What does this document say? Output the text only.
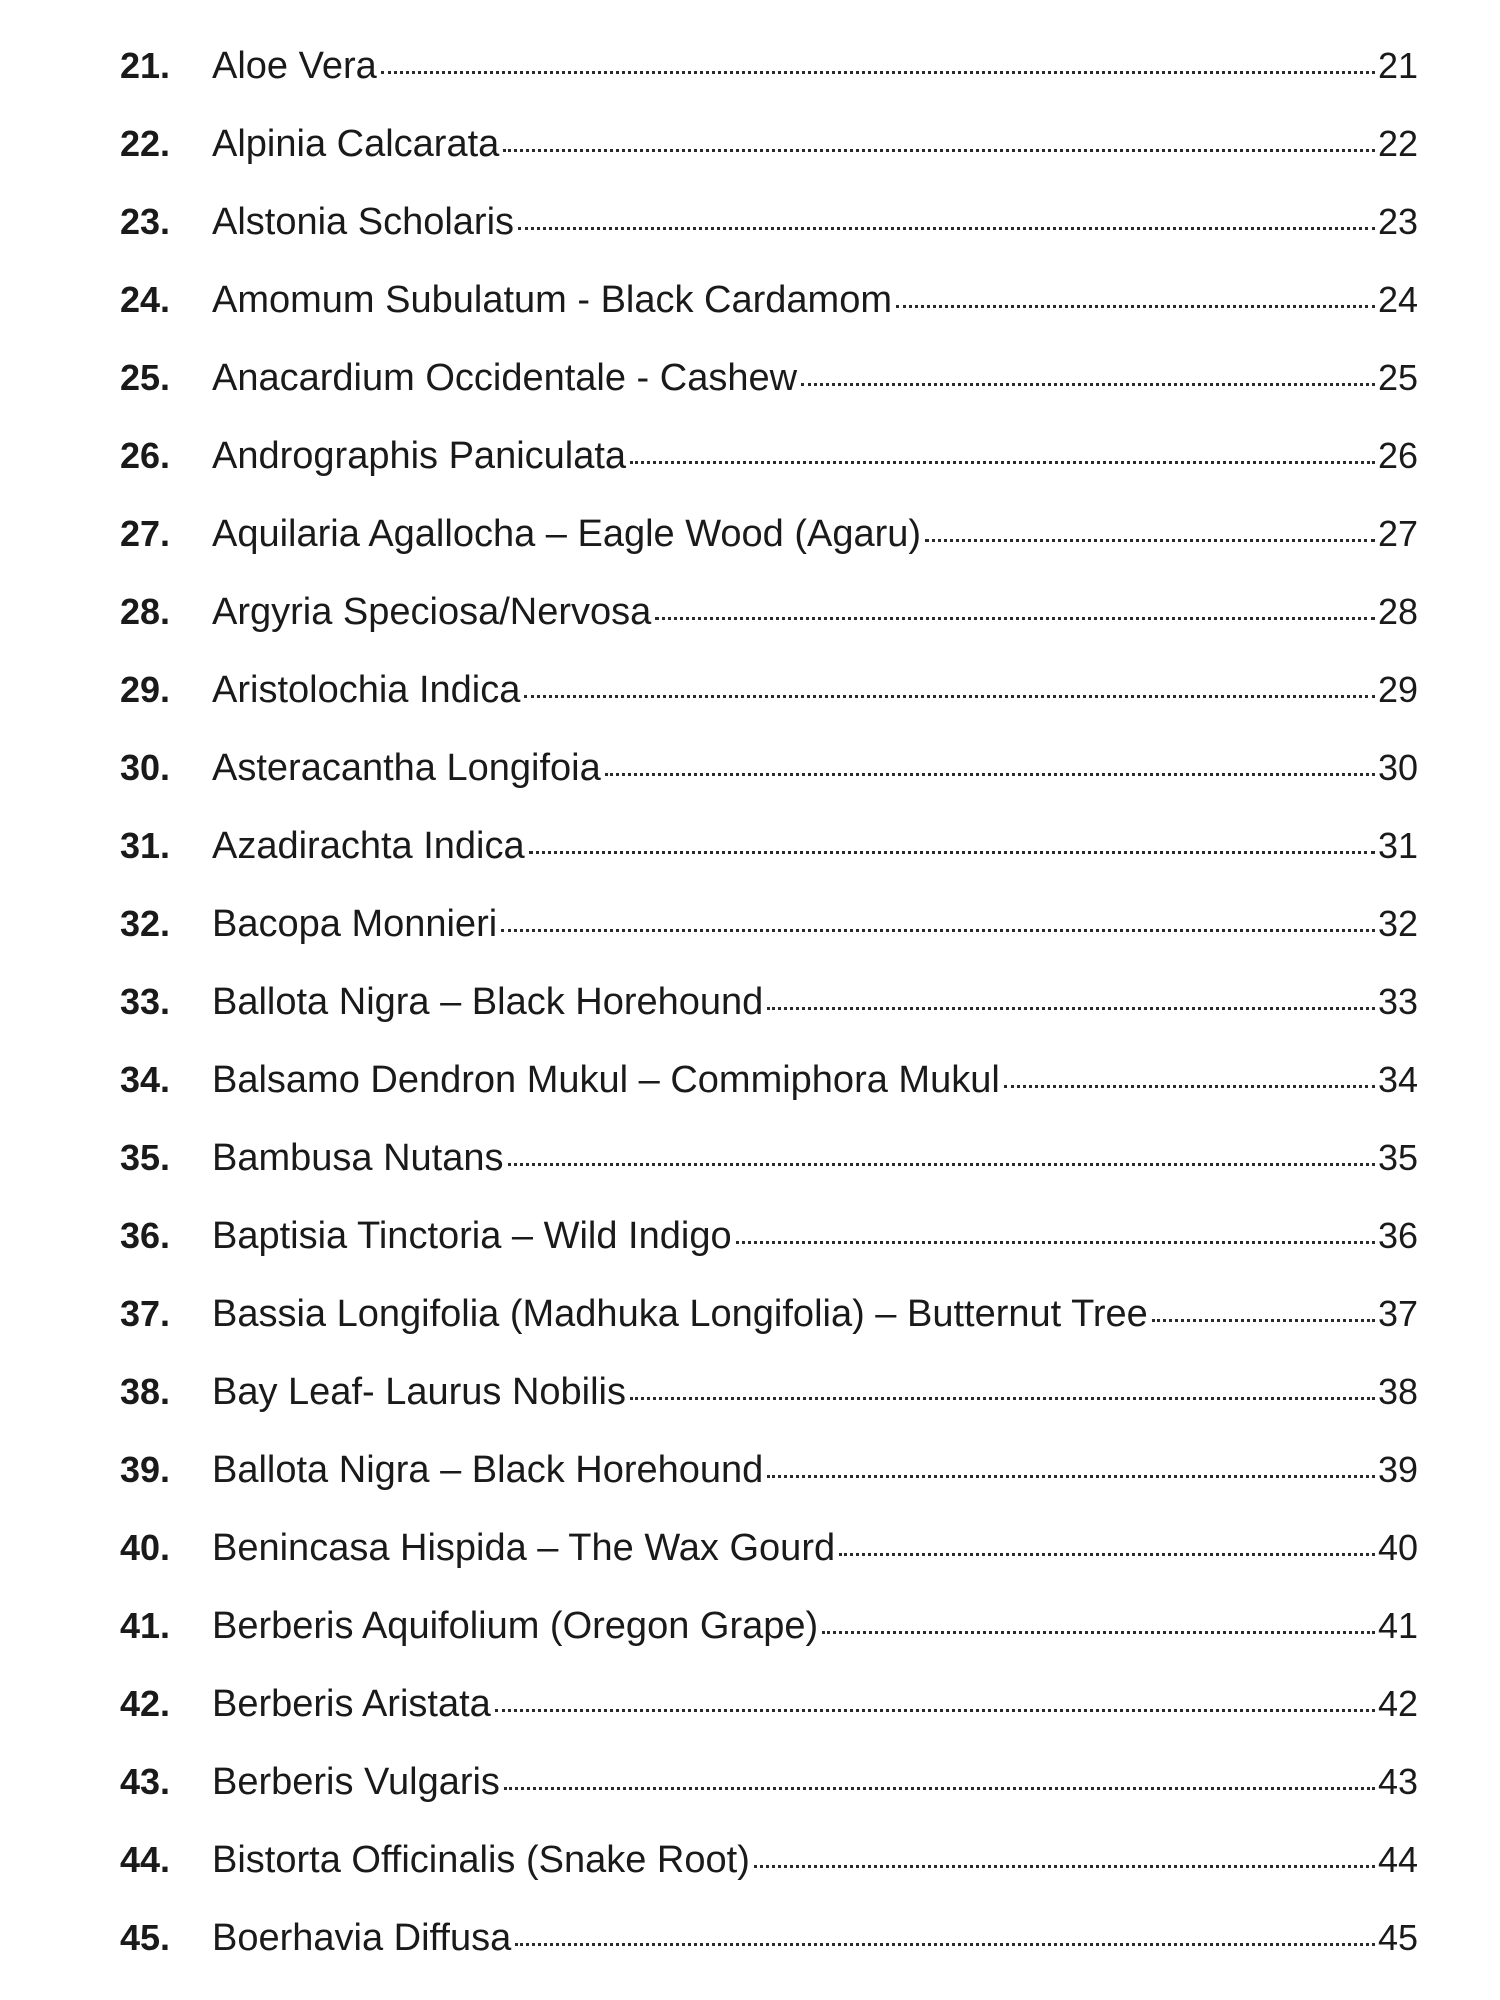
21. Aloe Vera	21
22. Alpinia Calcarata	22
23. Alstonia Scholaris	23
24. Amomum Subulatum - Black Cardamom	24
25. Anacardium Occidentale - Cashew	25
26. Andrographis Paniculata	26
27. Aquilaria Agallocha – Eagle Wood (Agaru)	27
28. Argyria Speciosa/Nervosa	28
29. Aristolochia Indica	29
30. Asteracantha Longifoia	30
31. Azadirachta Indica	31
32. Bacopa Monnieri	32
33. Ballota Nigra – Black Horehound	33
34. Balsamo Dendron Mukul – Commiphora Mukul	34
35. Bambusa Nutans	35
36. Baptisia Tinctoria – Wild Indigo	36
37. Bassia Longifolia (Madhuka Longifolia) – Butternut Tree	37
38. Bay Leaf- Laurus Nobilis	38
39. Ballota Nigra – Black Horehound	39
40. Benincasa Hispida – The Wax Gourd	40
41. Berberis Aquifolium (Oregon Grape)	41
42. Berberis Aristata	42
43. Berberis Vulgaris	43
44. Bistorta Officinalis (Snake Root)	44
45. Boerhavia Diffusa	45
